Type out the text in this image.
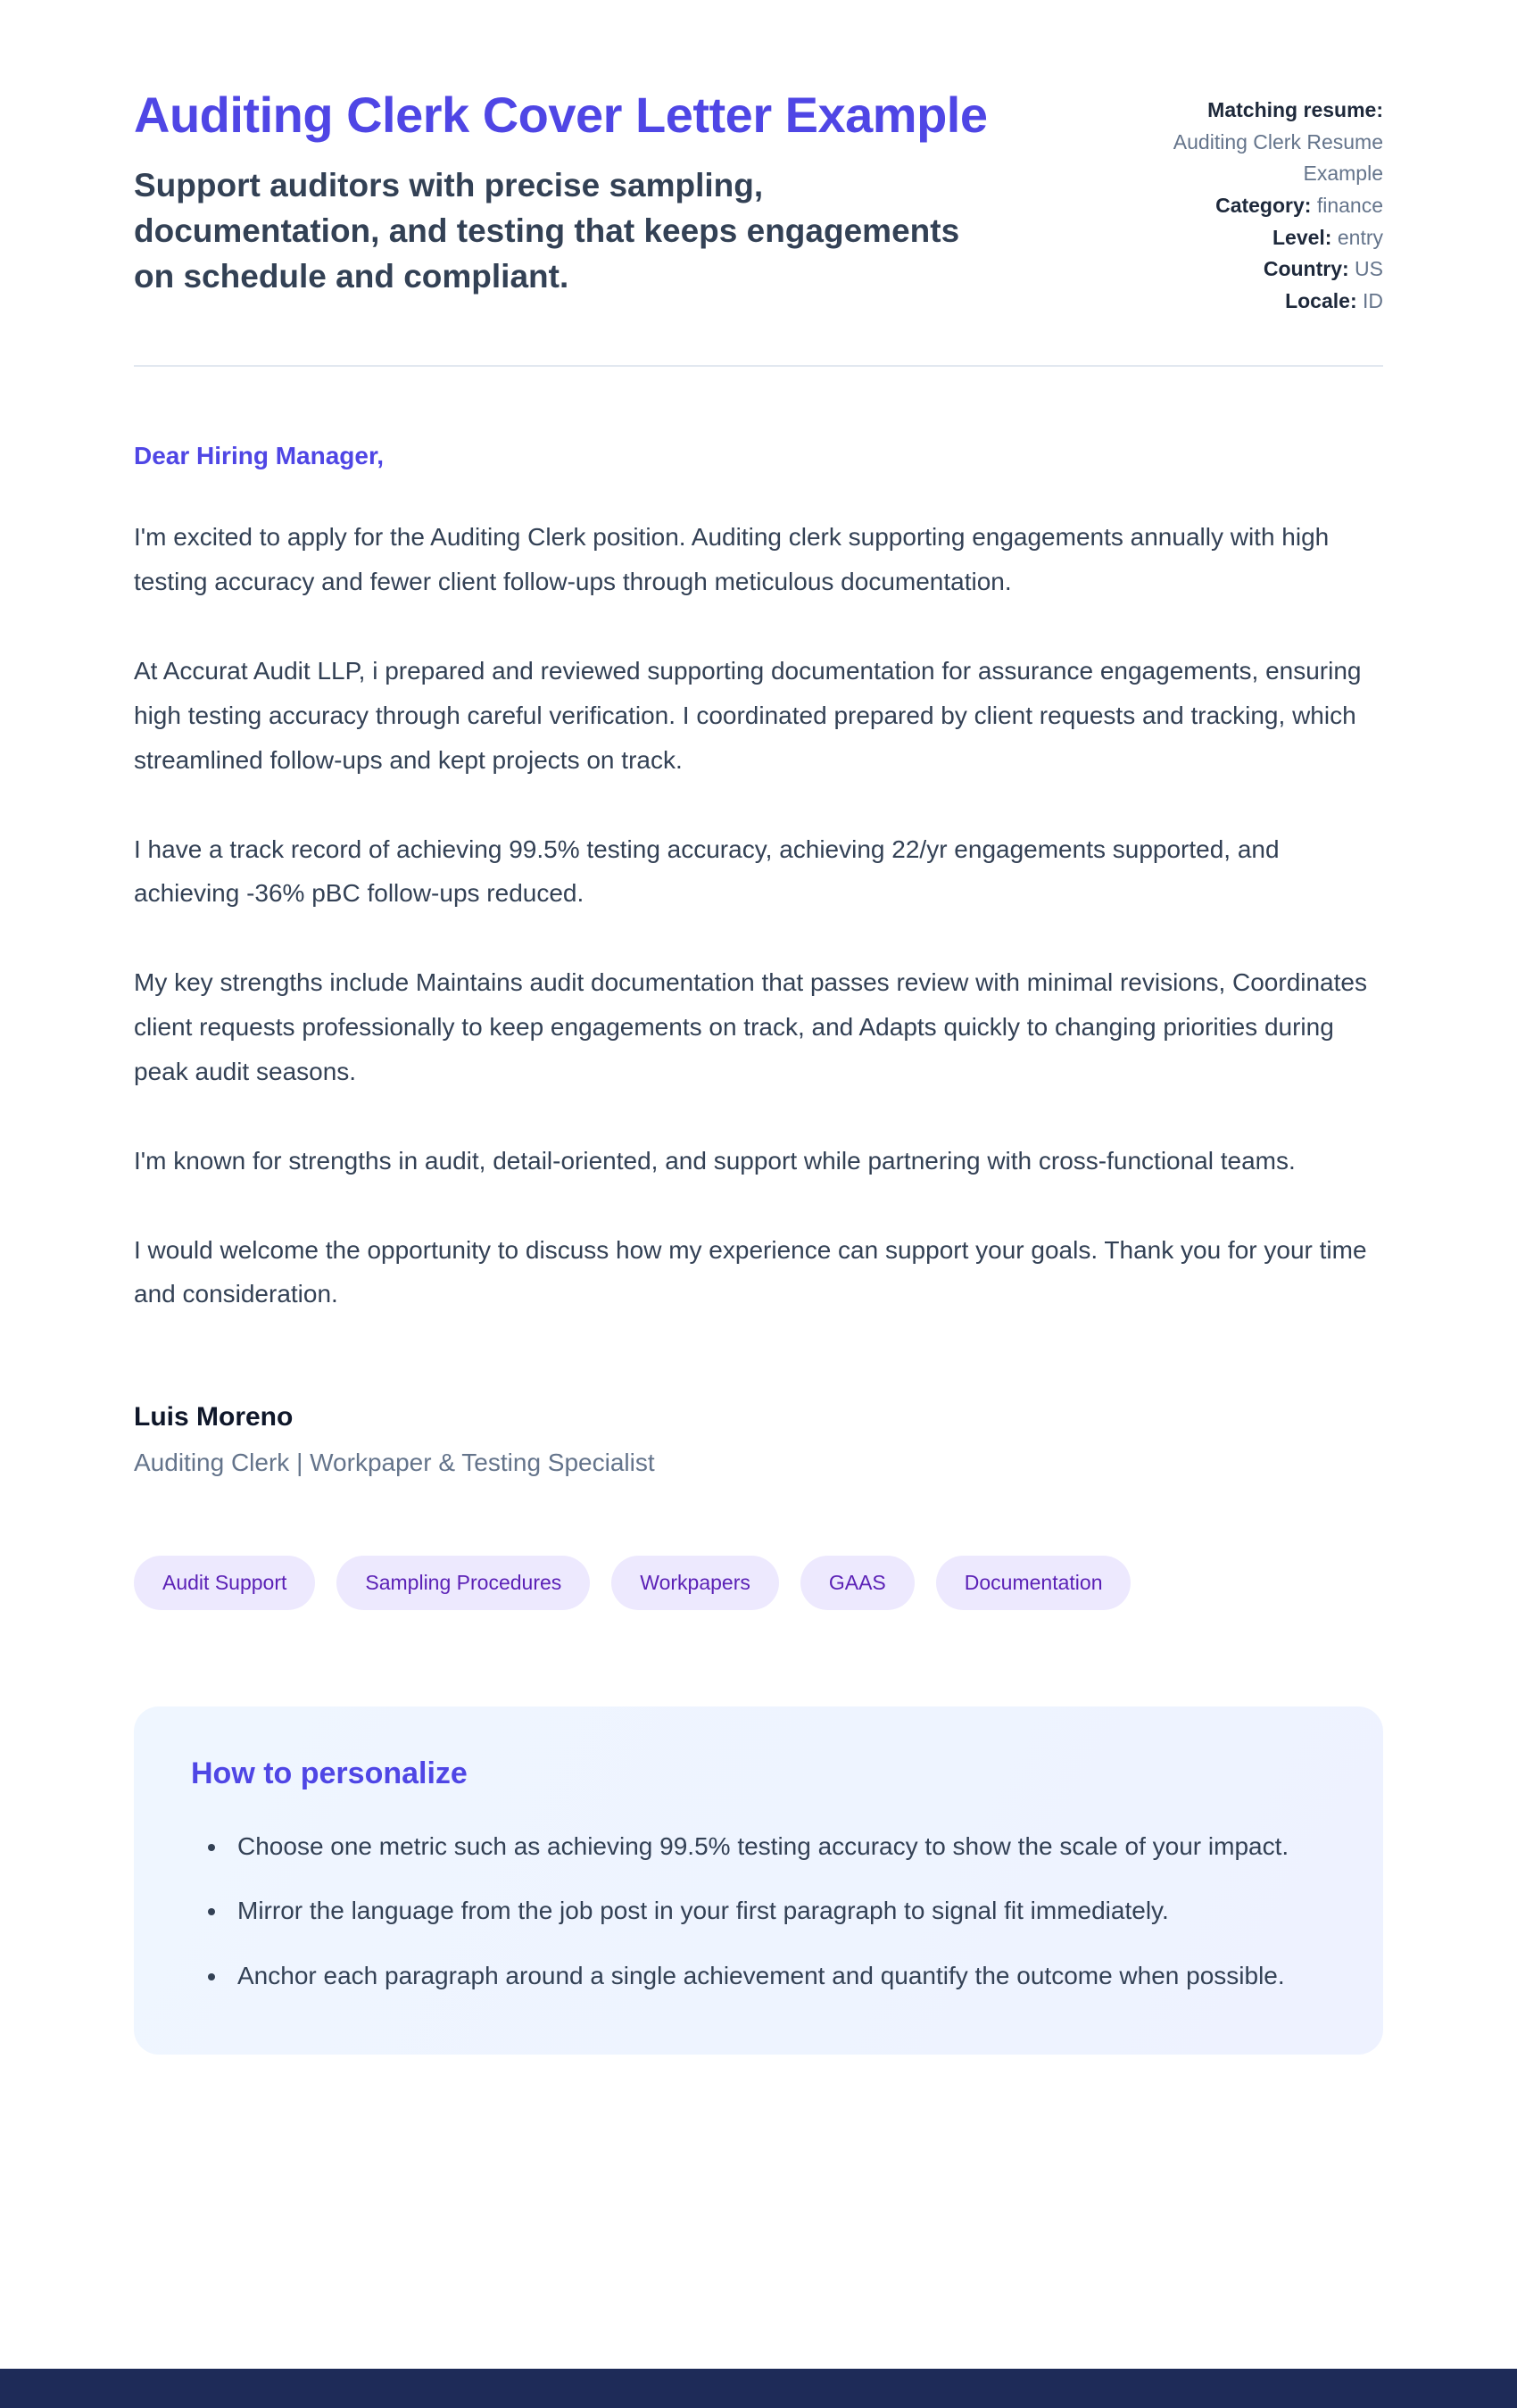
Auditing Clerk Cover Letter Example

Support auditors with precise sampling, documentation, and testing that keeps engagements on schedule and compliant.

Matching resume:
Auditing Clerk Resume Example
Category: finance
Level: entry
Country: US
Locale: ID

Dear Hiring Manager,

I'm excited to apply for the Auditing Clerk position. Auditing clerk supporting engagements annually with high testing accuracy and fewer client follow-ups through meticulous documentation.

At Accurat Audit LLP, i prepared and reviewed supporting documentation for assurance engagements, ensuring high testing accuracy through careful verification. I coordinated prepared by client requests and tracking, which streamlined follow-ups and kept projects on track.

I have a track record of achieving 99.5% testing accuracy, achieving 22/yr engagements supported, and achieving -36% pBC follow-ups reduced.

My key strengths include Maintains audit documentation that passes review with minimal revisions, Coordinates client requests professionally to keep engagements on track, and Adapts quickly to changing priorities during peak audit seasons.

I'm known for strengths in audit, detail-oriented, and support while partnering with cross-functional teams.

I would welcome the opportunity to discuss how my experience can support your goals. Thank you for your time and consideration.

Luis Moreno

Auditing Clerk | Workpaper & Testing Specialist

Audit Support	Sampling Procedures	Workpapers	GAAS	Documentation
How to personalize
• Choose one metric such as achieving 99.5% testing accuracy to show the scale of your impact.
• Mirror the language from the job post in your first paragraph to signal fit immediately.
• Anchor each paragraph around a single achievement and quantify the outcome when possible.
